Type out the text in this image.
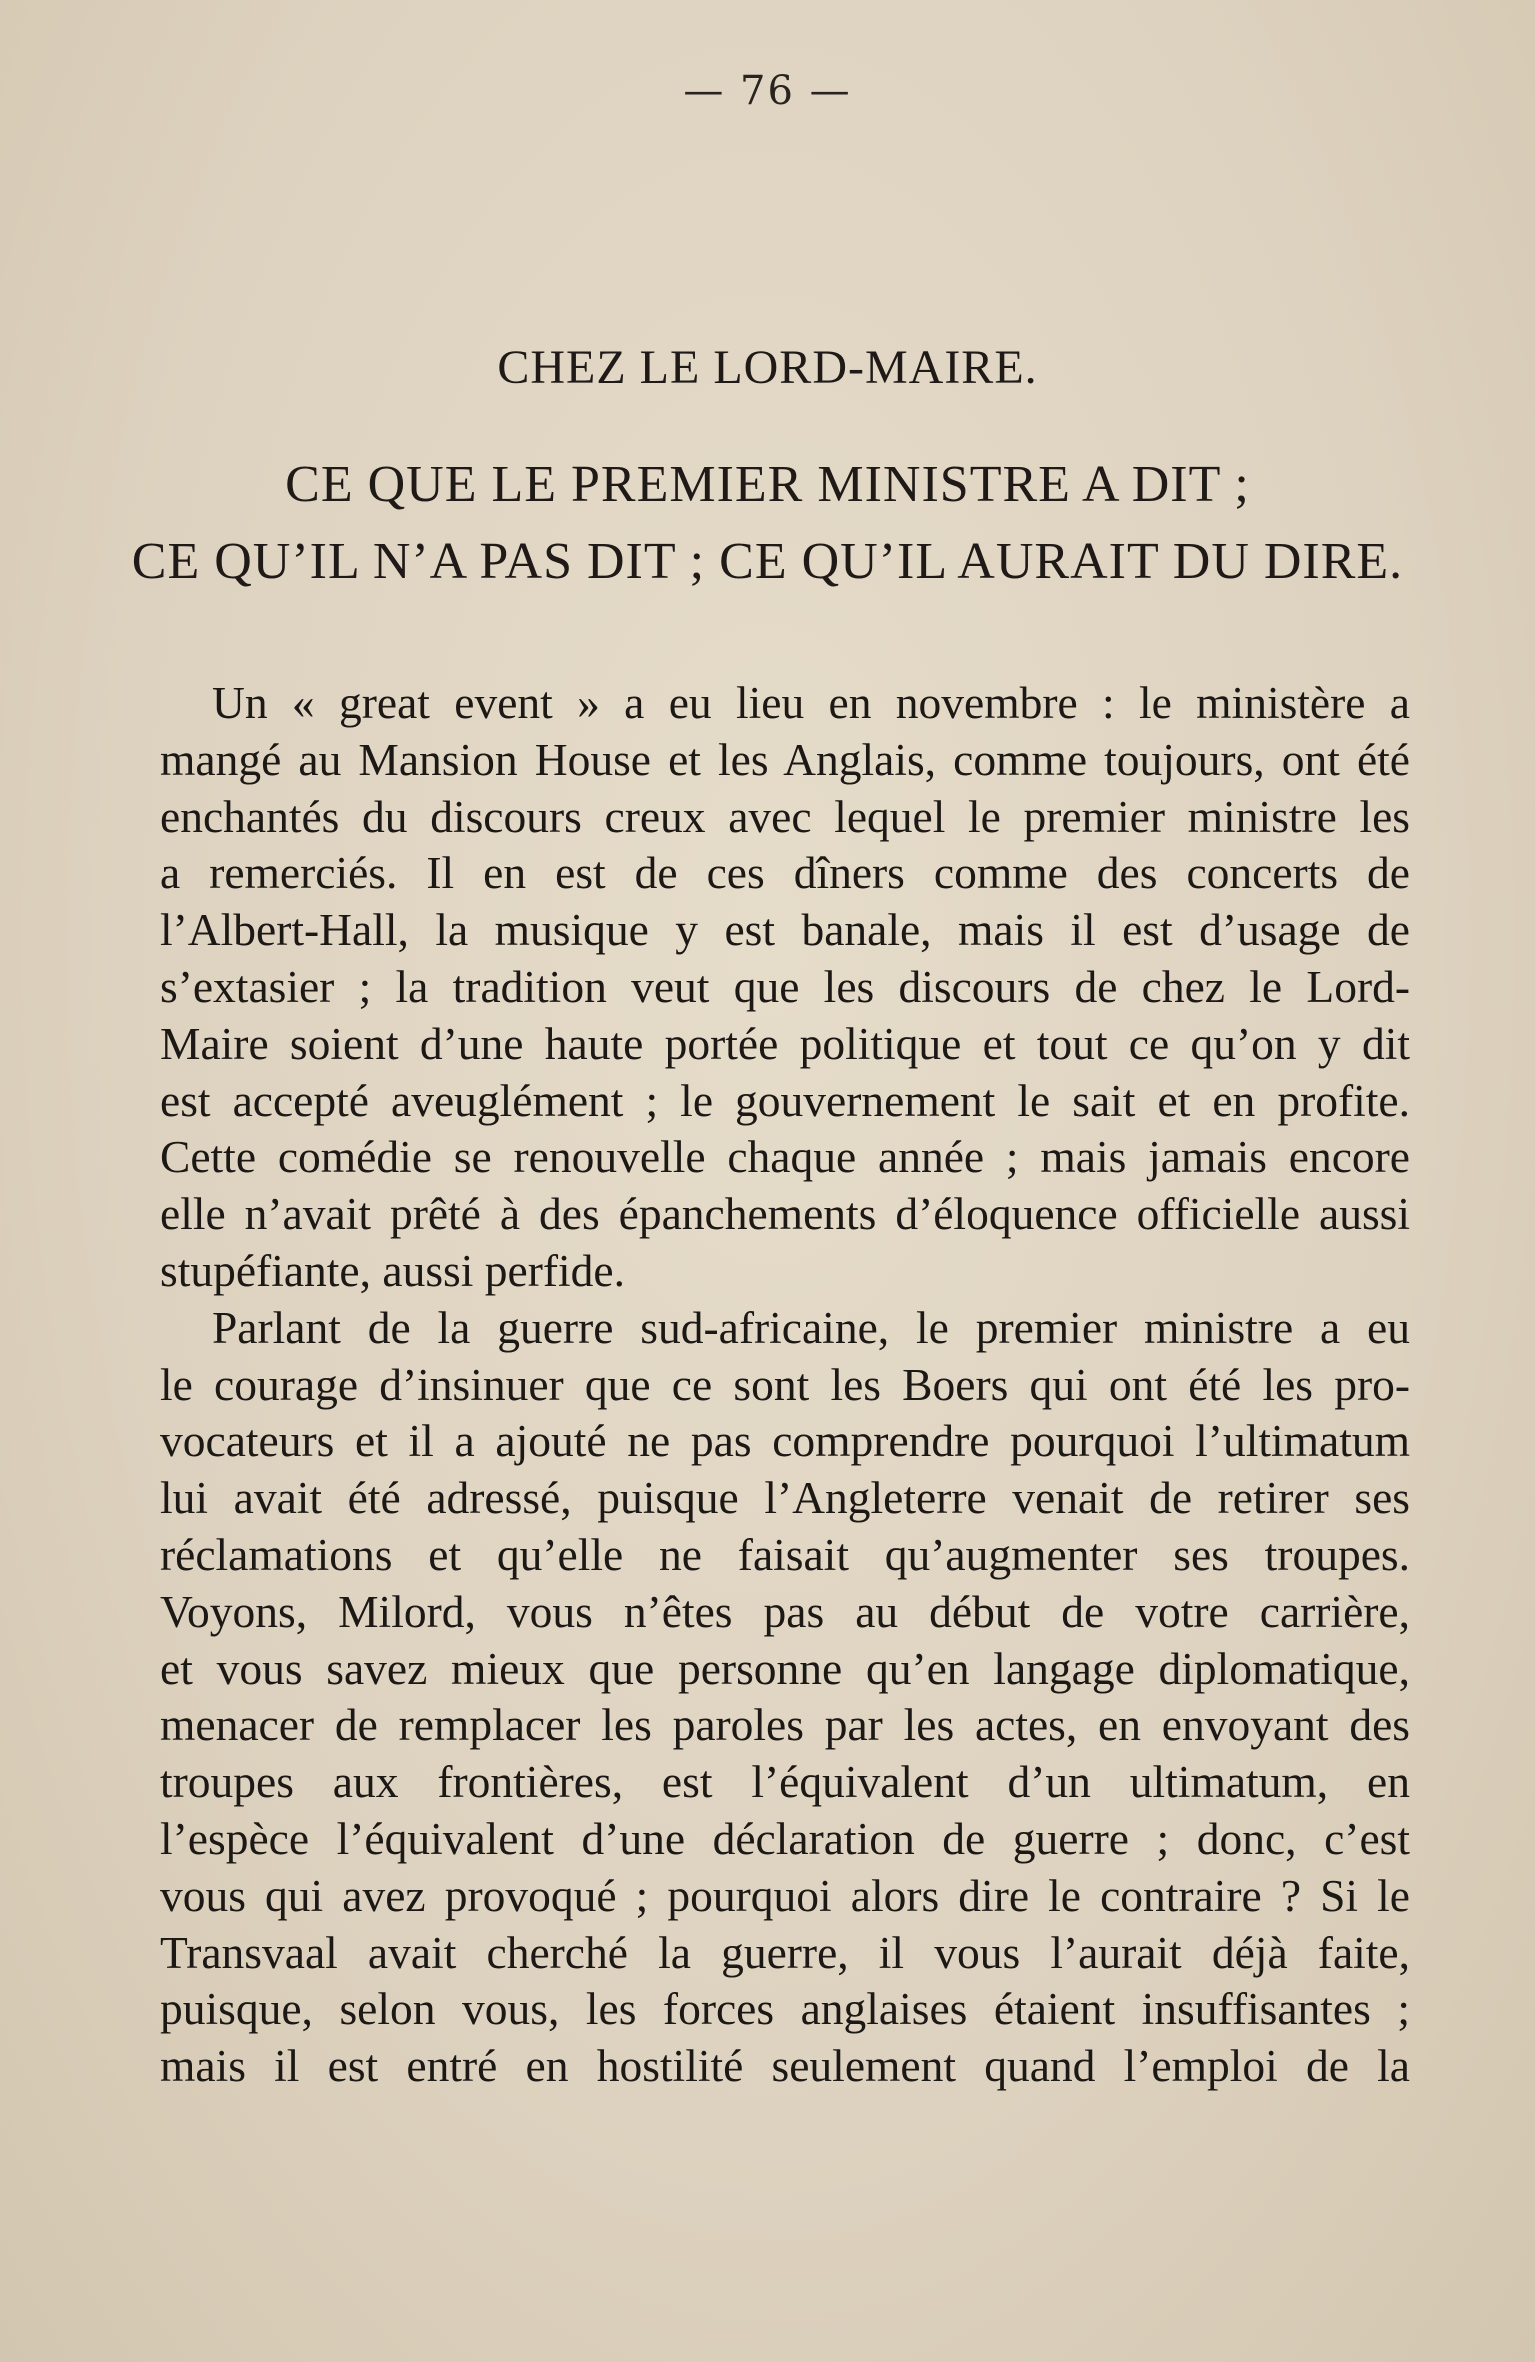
— 76 —
CHEZ LE LORD-MAIRE.
CE QUE LE PREMIER MINISTRE A DIT ;
CE QU’IL N’A PAS DIT ; CE QU’IL AURAIT DU DIRE.
Un « great event » a eu lieu en novembre : le ministère a
mangé au Mansion House et les Anglais, comme toujours, ont été
enchantés du discours creux avec lequel le premier ministre les
a remerciés. Il en est de ces dîners comme des concerts de
l’Albert-Hall, la musique y est banale, mais il est d’usage de
s’extasier ; la tradition veut que les discours de chez le Lord-
Maire soient d’une haute portée politique et tout ce qu’on y dit
est accepté aveuglément ; le gouvernement le sait et en profite.
Cette comédie se renouvelle chaque année ; mais jamais encore
elle n’avait prêté à des épanchements d’éloquence officielle aussi
stupéfiante, aussi perfide.
Parlant de la guerre sud-africaine, le premier ministre a eu
le courage d’insinuer que ce sont les Boers qui ont été les pro-
vocateurs et il a ajouté ne pas comprendre pourquoi l’ultimatum
lui avait été adressé, puisque l’Angleterre venait de retirer ses
réclamations et qu’elle ne faisait qu’augmenter ses troupes.
Voyons, Milord, vous n’êtes pas au début de votre carrière,
et vous savez mieux que personne qu’en langage diplomatique,
menacer de remplacer les paroles par les actes, en envoyant des
troupes aux frontières, est l’équivalent d’un ultimatum, en
l’espèce l’équivalent d’une déclaration de guerre ; donc, c’est
vous qui avez provoqué ; pourquoi alors dire le contraire ? Si le
Transvaal avait cherché la guerre, il vous l’aurait déjà faite,
puisque, selon vous, les forces anglaises étaient insuffisantes ;
mais il est entré en hostilité seulement quand l’emploi de la
